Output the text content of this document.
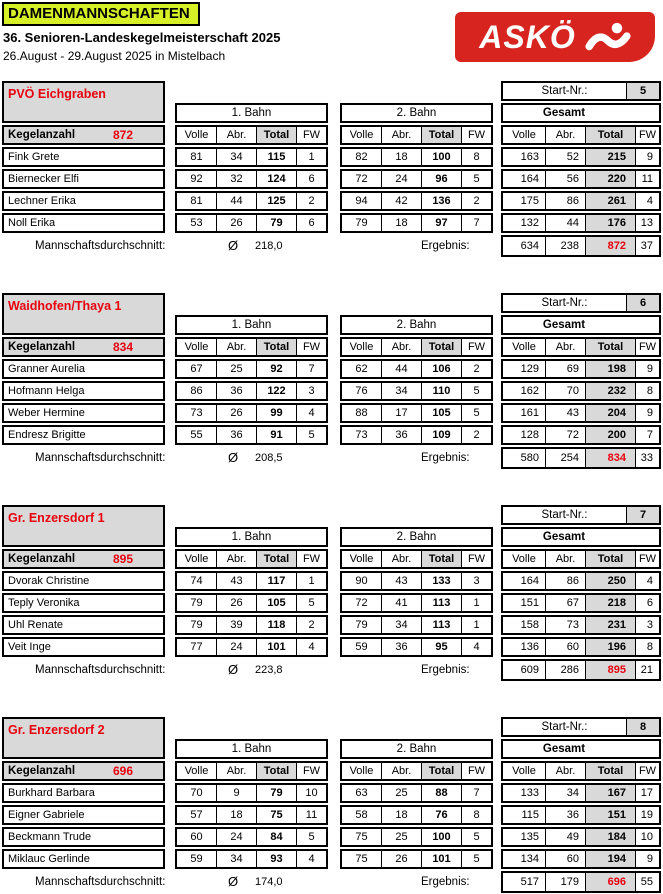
DAMENMANNSCHAFTEN
36. Senioren-Landeskegelmeisterschaft 2025
26.August - 29.August 2025 in Mistelbach
ASKÖ
PVÖ Eichgraben	Start-Nr.:	5
1. Bahn	2. Bahn	Gesamt
Kegelanzahl	872	Volle	Abr.	Total	FW	Volle	Abr.	Total	FW	Volle	Abr.	Total	FW
Fink Grete	81	34	115	1	82	18	100	8	163	52	215	9
Biernecker Elfi	92	32	124	6	72	24	96	5	164	56	220	11
Lechner Erika	81	44	125	2	94	42	136	2	175	86	261	4
Noll Erika	53	26	79	6	79	18	97	7	132	44	176	13
Mannschaftsdurchschnitt:	Ø 218,0	Ergebnis:	634	238	872	37
Waidhofen/Thaya 1	Start-Nr.:	6
1. Bahn	2. Bahn	Gesamt
Kegelanzahl	834	Volle	Abr.	Total	FW	Volle	Abr.	Total	FW	Volle	Abr.	Total	FW
Granner Aurelia	67	25	92	7	62	44	106	2	129	69	198	9
Hofmann Helga	86	36	122	3	76	34	110	5	162	70	232	8
Weber Hermine	73	26	99	4	88	17	105	5	161	43	204	9
Endresz Brigitte	55	36	91	5	73	36	109	2	128	72	200	7
Mannschaftsdurchschnitt:	Ø 208,5	Ergebnis:	580	254	834	33
Gr. Enzersdorf 1	Start-Nr.:	7
1. Bahn	2. Bahn	Gesamt
Kegelanzahl	895	Volle	Abr.	Total	FW	Volle	Abr.	Total	FW	Volle	Abr.	Total	FW
Dvorak Christine	74	43	117	1	90	43	133	3	164	86	250	4
Teply Veronika	79	26	105	5	72	41	113	1	151	67	218	6
Uhl Renate	79	39	118	2	79	34	113	1	158	73	231	3
Veit Inge	77	24	101	4	59	36	95	4	136	60	196	8
Mannschaftsdurchschnitt:	Ø 223,8	Ergebnis:	609	286	895	21
Gr. Enzersdorf 2	Start-Nr.:	8
1. Bahn	2. Bahn	Gesamt
Kegelanzahl	696	Volle	Abr.	Total	FW	Volle	Abr.	Total	FW	Volle	Abr.	Total	FW
Burkhard Barbara	70	9	79	10	63	25	88	7	133	34	167	17
Eigner Gabriele	57	18	75	11	58	18	76	8	115	36	151	19
Beckmann Trude	60	24	84	5	75	25	100	5	135	49	184	10
Miklauc Gerlinde	59	34	93	4	75	26	101	5	134	60	194	9
Mannschaftsdurchschnitt:	Ø 174,0	Ergebnis:	517	179	696	55
